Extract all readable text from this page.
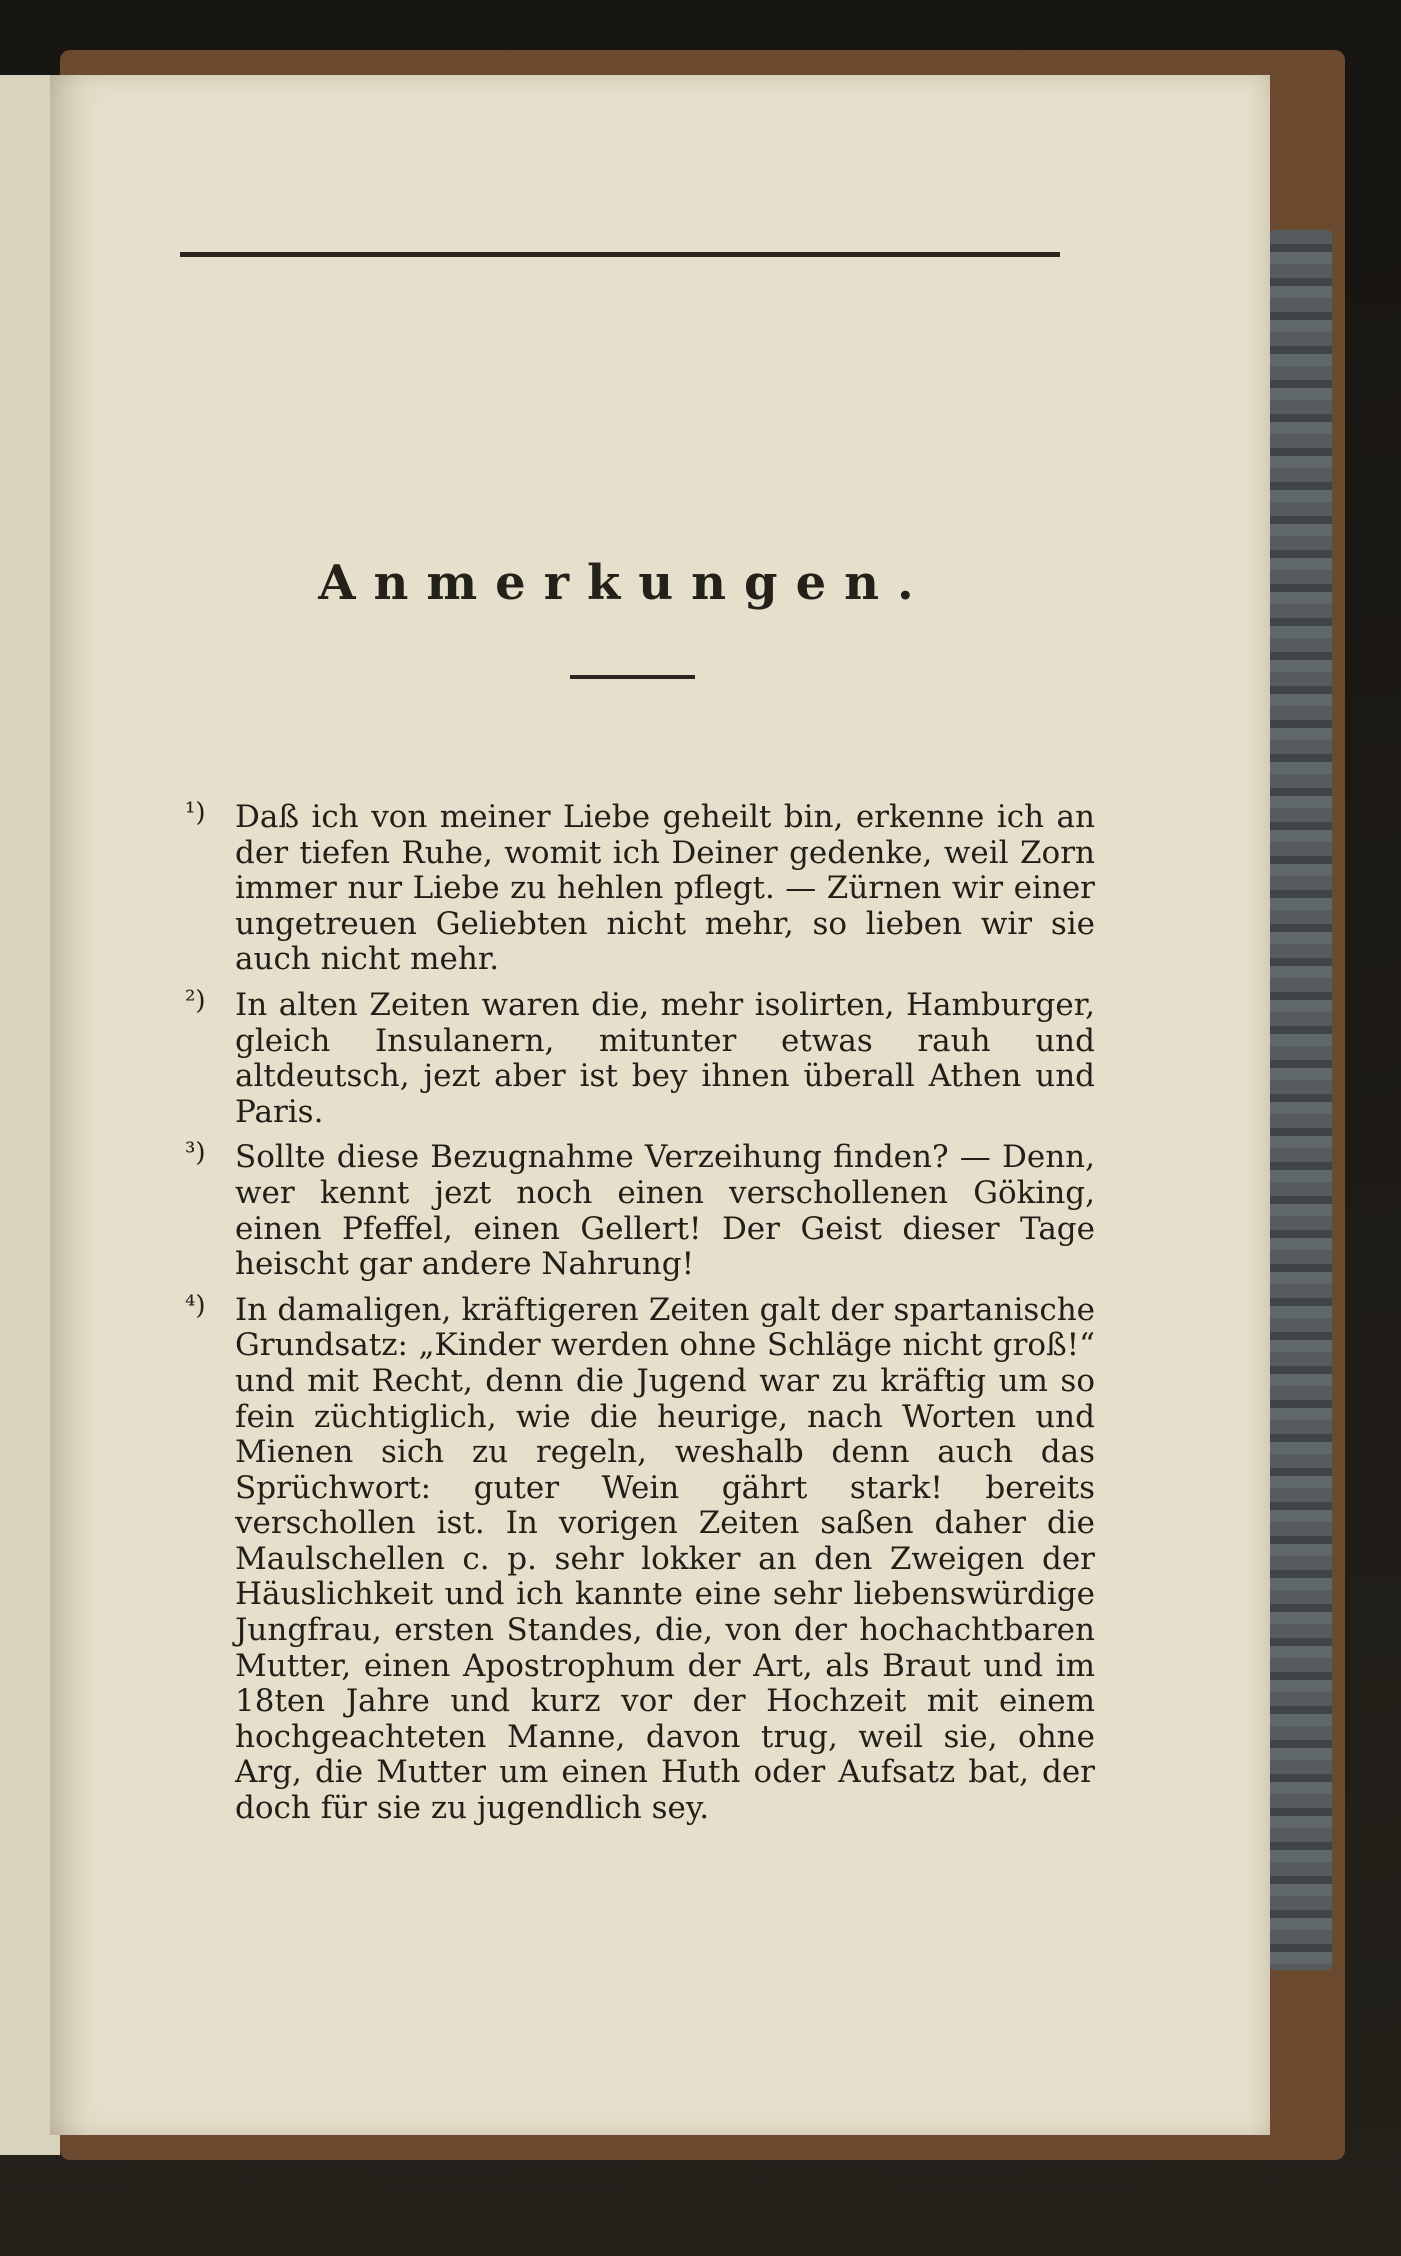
Anmerkungen.
¹) Daß ich von meiner Liebe geheilt bin, erkenne ich an der tiefen Ruhe, womit ich Deiner gedenke, weil Zorn immer nur Liebe zu hehlen pflegt. — Zürnen wir einer ungetreuen Geliebten nicht mehr, so lieben wir sie auch nicht mehr.
²) In alten Zeiten waren die, mehr isolirten, Hamburger, gleich Insulanern, mitunter etwas rauh und altdeutsch, jezt aber ist bey ihnen überall Athen und Paris.
³) Sollte diese Bezugnahme Verzeihung finden? — Denn, wer kennt jezt noch einen verschollenen Göking, einen Pfeffel, einen Gellert! Der Geist dieser Tage heischt gar andere Nahrung!
⁴) In damaligen, kräftigeren Zeiten galt der spartanische Grundsatz: „Kinder werden ohne Schläge nicht groß!“ und mit Recht, denn die Jugend war zu kräftig um so fein züchtiglich, wie die heurige, nach Worten und Mienen sich zu regeln, weshalb denn auch das Sprüchwort: guter Wein gährt stark! bereits verschollen ist. In vorigen Zeiten saßen daher die Maulschellen c. p. sehr lokker an den Zweigen der Häuslichkeit und ich kannte eine sehr liebenswürdige Jungfrau, ersten Standes, die, von der hochachtbaren Mutter, einen Apostrophum der Art, als Braut und im 18ten Jahre und kurz vor der Hochzeit mit einem hochgeachteten Manne, davon trug, weil sie, ohne Arg, die Mutter um einen Huth oder Aufsatz bat, der doch für sie zu jugendlich sey.
